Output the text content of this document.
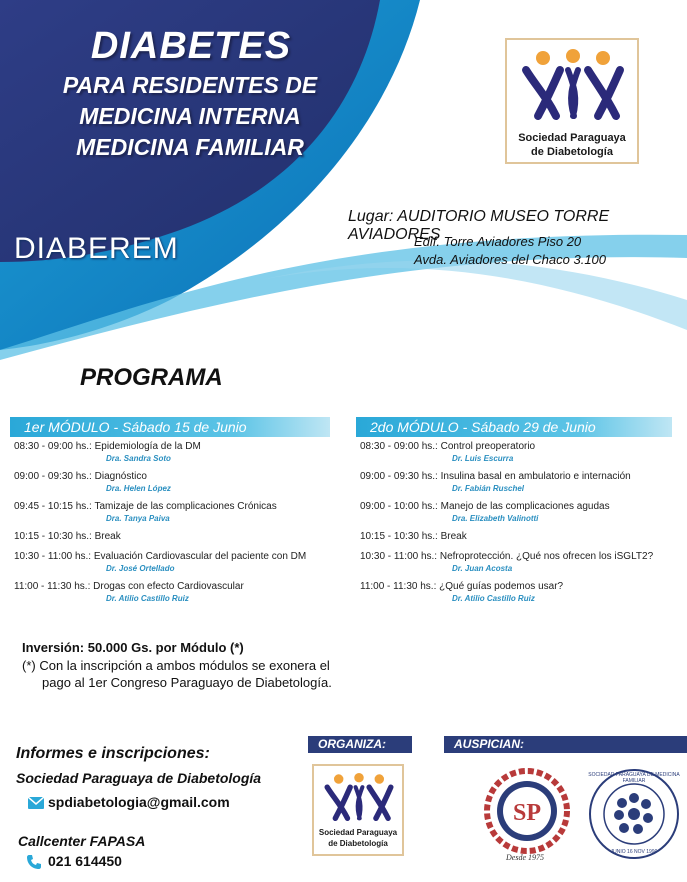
DIABETES
PARA RESIDENTES DE
MEDICINA INTERNA
MEDICINA FAMILIAR
DIABEREM
Sociedad Paraguaya
de Diabetología
Lugar: AUDITORIO MUSEO TORRE AVIADORES
Edif. Torre Aviadores Piso 20
Avda. Aviadores del Chaco 3.100
PROGRAMA
1er MÓDULO - Sábado 15 de Junio
08:30 - 09:00 hs.: Epidemiología de la DM
Dra. Sandra Soto
09:00 - 09:30 hs.: Diagnóstico
Dra. Helen López
09:45 - 10:15 hs.: Tamizaje de las complicaciones Crónicas
Dra. Tanya Paiva
10:15 - 10:30 hs.: Break
10:30 - 11:00 hs.: Evaluación Cardiovascular del paciente con DM
Dr. José Ortellado
11:00 - 11:30 hs.: Drogas con efecto Cardiovascular
Dr. Atilio Castillo Ruiz
2do MÓDULO - Sábado 29 de Junio
08:30 - 09:00 hs.: Control preoperatorio
Dr. Luis Escurra
09:00 - 09:30 hs.: Insulina basal en ambulatorio e internación
Dr. Fabián Ruschel
09:00 - 10:00 hs.: Manejo de las complicaciones agudas
Dra. Elizabeth Valinotti
10:15 - 10:30 hs.: Break
10:30 - 11:00 hs.: Nefroprotección. ¿Qué nos ofrecen los iSGLT2?
Dr. Juan Acosta
11:00 - 11:30 hs.: ¿Qué guías podemos usar?
Dr. Atilio Castillo Ruiz
Inversión: 50.000 Gs. por Módulo (*)
(*) Con la inscripción a ambos módulos se exonera el
pago al 1er Congreso Paraguayo de Diabetología.
Informes e inscripciones:
Sociedad Paraguaya de Diabetología
spdiabetologia@gmail.com
Callcenter FAPASA
021 614450
ORGANIZA:
Sociedad Paraguaya
de Diabetología
AUSPICIAN:
SP
Desde 1975
SOCIEDAD PARAGUAYA DE MEDICINA FAMILIAR
JUNIO 16 NOV 1990
